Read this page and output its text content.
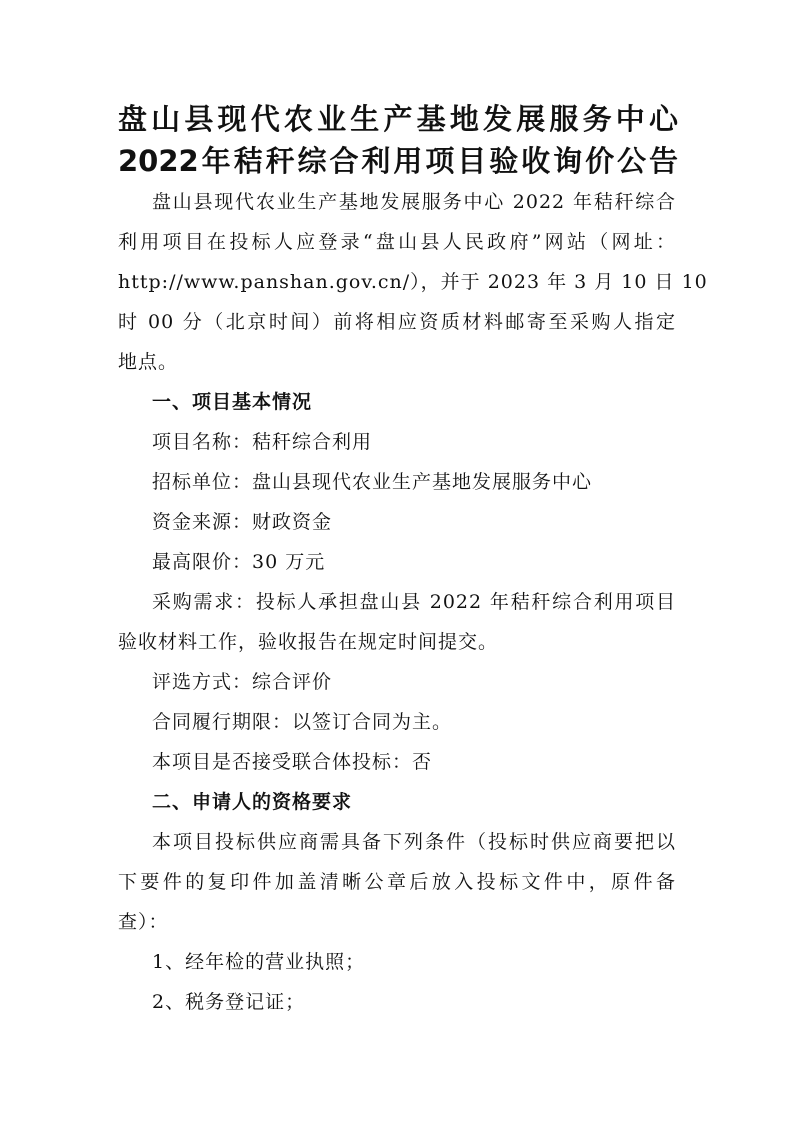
盘山县现代农业生产基地发展服务中心
2022年秸秆综合利用项目验收询价公告
盘山县现代农业生产基地发展服务中心 2022 年秸秆综合
利用项目在投标人应登录“盘山县人民政府”网站（网址：
http://www.panshan.gov.cn/），并于 2023 年 3 月 10 日 10
时 00 分（北京时间）前将相应资质材料邮寄至采购人指定
地点。
一、项目基本情况
项目名称：秸秆综合利用
招标单位：盘山县现代农业生产基地发展服务中心
资金来源：财政资金
最高限价：30 万元
采购需求：投标人承担盘山县 2022 年秸秆综合利用项目
验收材料工作，验收报告在规定时间提交。
评选方式：综合评价
合同履行期限：以签订合同为主。
本项目是否接受联合体投标：否
二、申请人的资格要求
本项目投标供应商需具备下列条件（投标时供应商要把以
下要件的复印件加盖清晰公章后放入投标文件中，原件备
查）：
1、经年检的营业执照；
2、税务登记证；
